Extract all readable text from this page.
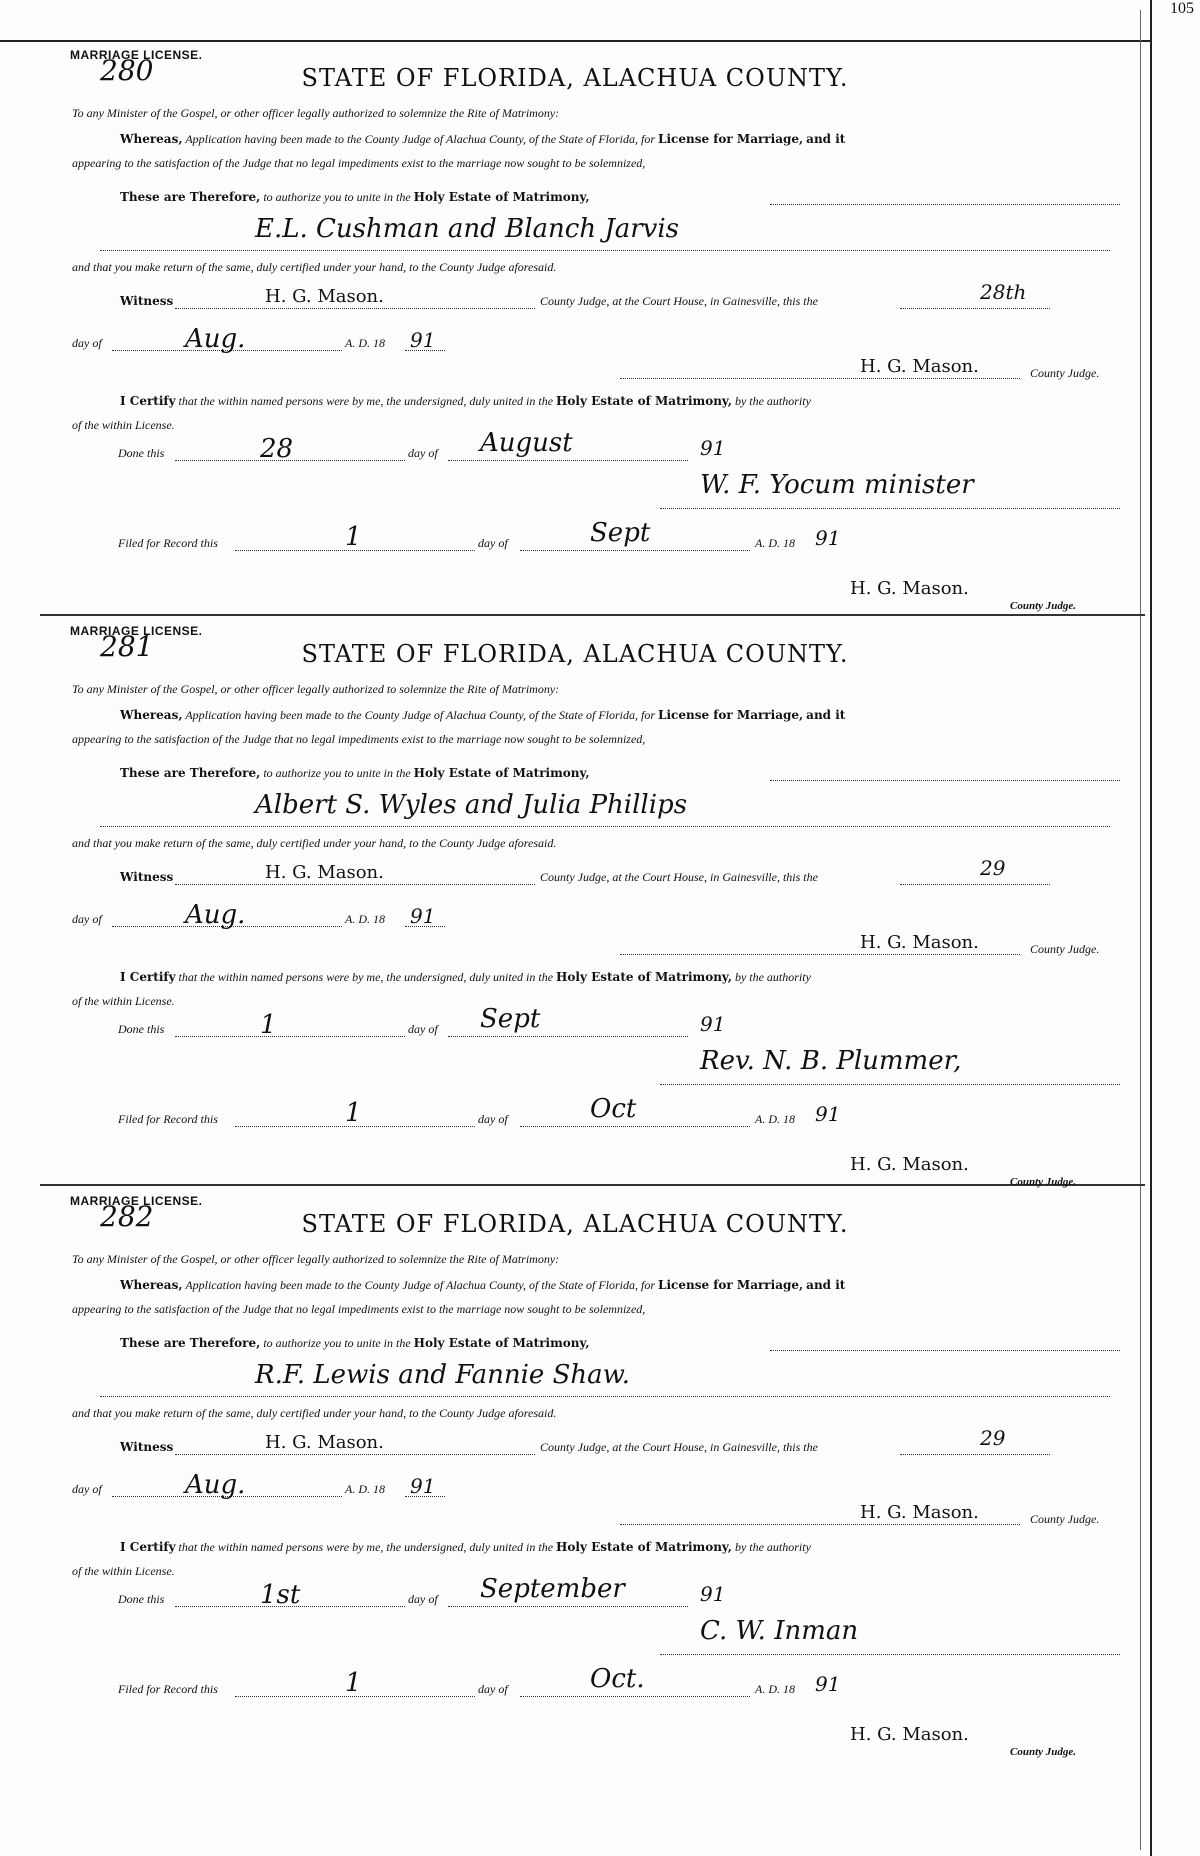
105
MARRIAGE LICENSE.
280	STATE OF FLORIDA, ALACHUA COUNTY.
To any Minister of the Gospel, or other officer legally authorized to solemnize the Rite of Matrimony:
Whereas, Application having been made to the County Judge of Alachua County, of the State of Florida, for License for Marriage, and it
appearing to the satisfaction of the Judge that no legal impediments exist to the marriage now sought to be solemnized,
These are Therefore, to authorize you to unite in the Holy Estate of Matrimony,
E.L. Cushman and Blanch Jarvis
and that you make return of the same, duly certified under your hand, to the County Judge aforesaid.
Witness	H. G. Mason.	County Judge, at the Court House, in Gainesville, this the	28th
day of	Aug.	A. D. 18 91
H. G. Mason.	County Judge.
I Certify that the within named persons were by me, the undersigned, duly united in the Holy Estate of Matrimony, by the authority
of the within License.
Done this	28	day of August	91
W. F. Yocum minister
Filed for Record this	1	day of	Sept	A. D. 18 91
H. G. Mason.
County Judge.
MARRIAGE LICENSE.
281	STATE OF FLORIDA, ALACHUA COUNTY.
To any Minister of the Gospel, or other officer legally authorized to solemnize the Rite of Matrimony:
Whereas, Application having been made to the County Judge of Alachua County, of the State of Florida, for License for Marriage, and it
appearing to the satisfaction of the Judge that no legal impediments exist to the marriage now sought to be solemnized,
These are Therefore, to authorize you to unite in the Holy Estate of Matrimony,
Albert S. Wyles and Julia Phillips
and that you make return of the same, duly certified under your hand, to the County Judge aforesaid.
Witness	H. G. Mason.	County Judge, at the Court House, in Gainesville, this the	29
day of	Aug.	A. D. 18 91
H. G. Mason.	County Judge.
I Certify that the within named persons were by me, the undersigned, duly united in the Holy Estate of Matrimony, by the authority
of the within License.
Done this	1	day of Sept	91
Rev. N. B. Plummer,
Filed for Record this	1	day of	Oct	A. D. 18 91
H. G. Mason.
County Judge.
MARRIAGE LICENSE.
282	STATE OF FLORIDA, ALACHUA COUNTY.
To any Minister of the Gospel, or other officer legally authorized to solemnize the Rite of Matrimony:
Whereas, Application having been made to the County Judge of Alachua County, of the State of Florida, for License for Marriage, and it
appearing to the satisfaction of the Judge that no legal impediments exist to the marriage now sought to be solemnized,
These are Therefore, to authorize you to unite in the Holy Estate of Matrimony,
R.F. Lewis and Fannie Shaw.
and that you make return of the same, duly certified under your hand, to the County Judge aforesaid.
Witness	H. G. Mason.	County Judge, at the Court House, in Gainesville, this the	29
day of	Aug.	A. D. 18 91
H. G. Mason.	County Judge.
I Certify that the within named persons were by me, the undersigned, duly united in the Holy Estate of Matrimony, by the authority
of the within License.
Done this	1st	day of September	91
C. W. Inman
Filed for Record this	1	day of	Oct.	A. D. 18 91
H. G. Mason.
County Judge.
